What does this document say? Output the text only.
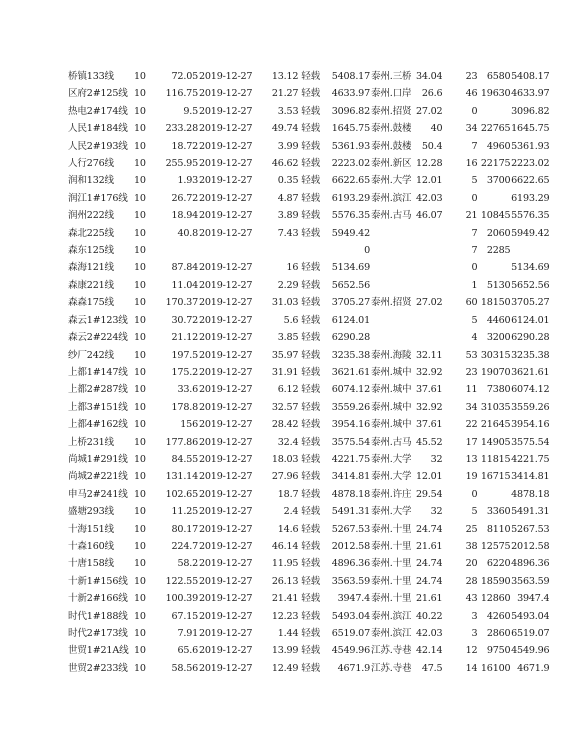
桥镇133线	10	72.05	2019-12-27	13.12 轻载	5408.17	泰州.三桥	34.04	23	6580	5408.17
区府2#125线	10	116.75	2019-12-27	21.27 轻载	4633.97	泰州.口岸	26.6	46	19630	4633.97
热电2#174线	10	9.5	2019-12-27	3.53 轻载	3096.82	泰州.招贤	27.02	0		3096.82
人民1#184线	10	233.28	2019-12-27	49.74 轻载	1645.75	泰州.鼓楼	40	34	22765	1645.75
人民2#193线	10	18.72	2019-12-27	3.99 轻载	5361.93	泰州.鼓楼	50.4	7	4960	5361.93
人行276线	10	255.95	2019-12-27	46.62 轻载	2223.02	泰州.新区	12.28	16	22175	2223.02
润和132线	10	1.93	2019-12-27	0.35 轻载	6622.65	泰州.大学	12.01	5	3700	6622.65
润江1#176线	10	26.72	2019-12-27	4.87 轻载	6193.29	泰州.滨江	42.03	0		6193.29
润州222线	10	18.94	2019-12-27	3.89 轻载	5576.35	泰州.古马	46.07	21	10845	5576.35
森北225线	10	40.8	2019-12-27	7.43 轻载	5949.42			7	2060	5949.42
森东125线	10				0			7	2285	
森海121线	10	87.84	2019-12-27	16 轻载	5134.69			0		5134.69
森康221线	10	11.04	2019-12-27	2.29 轻载	5652.56			1	5130	5652.56
森森175线	10	170.37	2019-12-27	31.03 轻载	3705.27	泰州.招贤	27.02	60	18150	3705.27
森云1#123线	10	30.72	2019-12-27	5.6 轻载	6124.01			5	4460	6124.01
森云2#224线	10	21.12	2019-12-27	3.85 轻载	6290.28			4	3200	6290.28
纱厂242线	10	197.5	2019-12-27	35.97 轻载	3235.38	泰州.海陵	32.11	53	30315	3235.38
上都1#147线	10	175.2	2019-12-27	31.91 轻载	3621.61	泰州.城中	32.92	23	19070	3621.61
上都2#287线	10	33.6	2019-12-27	6.12 轻载	6074.12	泰州.城中	37.61	11	7380	6074.12
上都3#151线	10	178.8	2019-12-27	32.57 轻载	3559.26	泰州.城中	32.92	34	31035	3559.26
上都4#162线	10	156	2019-12-27	28.42 轻载	3954.16	泰州.城中	37.61	22	21645	3954.16
上桥231线	10	177.86	2019-12-27	32.4 轻载	3575.54	泰州.古马	45.52	17	14905	3575.54
尚城1#291线	10	84.55	2019-12-27	18.03 轻载	4221.75	泰州.大学	32	13	11815	4221.75
尚城2#221线	10	131.14	2019-12-27	27.96 轻载	3414.81	泰州.大学	12.01	19	16715	3414.81
申马2#241线	10	102.65	2019-12-27	18.7 轻载	4878.18	泰州.许庄	29.54	0		4878.18
盛塘293线	10	11.25	2019-12-27	2.4 轻载	5491.31	泰州.大学	32	5	3360	5491.31
十海151线	10	80.17	2019-12-27	14.6 轻载	5267.53	泰州.十里	24.74	25	8110	5267.53
十森160线	10	224.7	2019-12-27	46.14 轻载	2012.58	泰州.十里	21.61	38	12575	2012.58
十唐158线	10	58.2	2019-12-27	11.95 轻载	4896.36	泰州.十里	24.74	20	6220	4896.36
十新1#156线	10	122.55	2019-12-27	26.13 轻载	3563.59	泰州.十里	24.74	28	18590	3563.59
十新2#166线	10	100.39	2019-12-27	21.41 轻载	3947.4	泰州.十里	21.61	43	12860	3947.4
时代1#188线	10	67.15	2019-12-27	12.23 轻载	5493.04	泰州.滨江	40.22	3	4260	5493.04
时代2#173线	10	7.91	2019-12-27	1.44 轻载	6519.07	泰州.滨江	42.03	3	2860	6519.07
世贸1#21A线	10	65.6	2019-12-27	13.99 轻载	4549.96	江苏.寺巷	42.14	12	9750	4549.96
世贸2#233线	10	58.56	2019-12-27	12.49 轻载	4671.9	江苏.寺巷	47.5	14	16100	4671.9
